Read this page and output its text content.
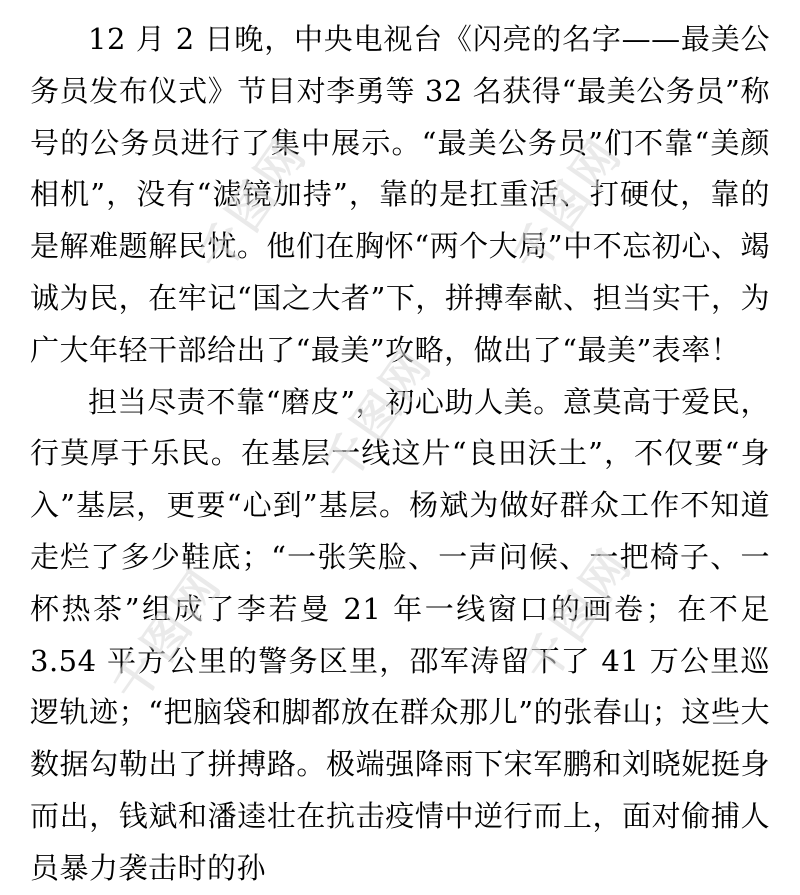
12 月 2 日晚，中央电视台《闪亮的名字——最美公务员发布仪式》节目对李勇等 32 名获得“最美公务员”称号的公务员进行了集中展示。“最美公务员”们不靠“美颜相机”，没有“滤镜加持”，靠的是扛重活、打硬仗，靠的是解难题解民忧。他们在胸怀“两个大局”中不忘初心、竭诚为民，在牢记“国之大者”下，拼搏奉献、担当实干，为广大年轻干部给出了“最美”攻略，做出了“最美”表率！

担当尽责不靠“磨皮”，初心助人美。意莫高于爱民，行莫厚于乐民。在基层一线这片“良田沃土”，不仅要“身入”基层，更要“心到”基层。杨斌为做好群众工作不知道走烂了多少鞋底；“一张笑脸、一声问候、一把椅子、一杯热茶”组成了李若曼 21 年一线窗口的画卷；在不足 3.54 平方公里的警务区里，邵军涛留下了 41 万公里巡逻轨迹；“把脑袋和脚都放在群众那儿”的张春山；这些大数据勾勒出了拼搏路。极端强降雨下宋军鹏和刘晓妮挺身而出，钱斌和潘逵壮在抗击疫情中逆行而上，面对偷捕人员暴力袭击时的孙

千图网	千图网
千图网
千图网	千图网
